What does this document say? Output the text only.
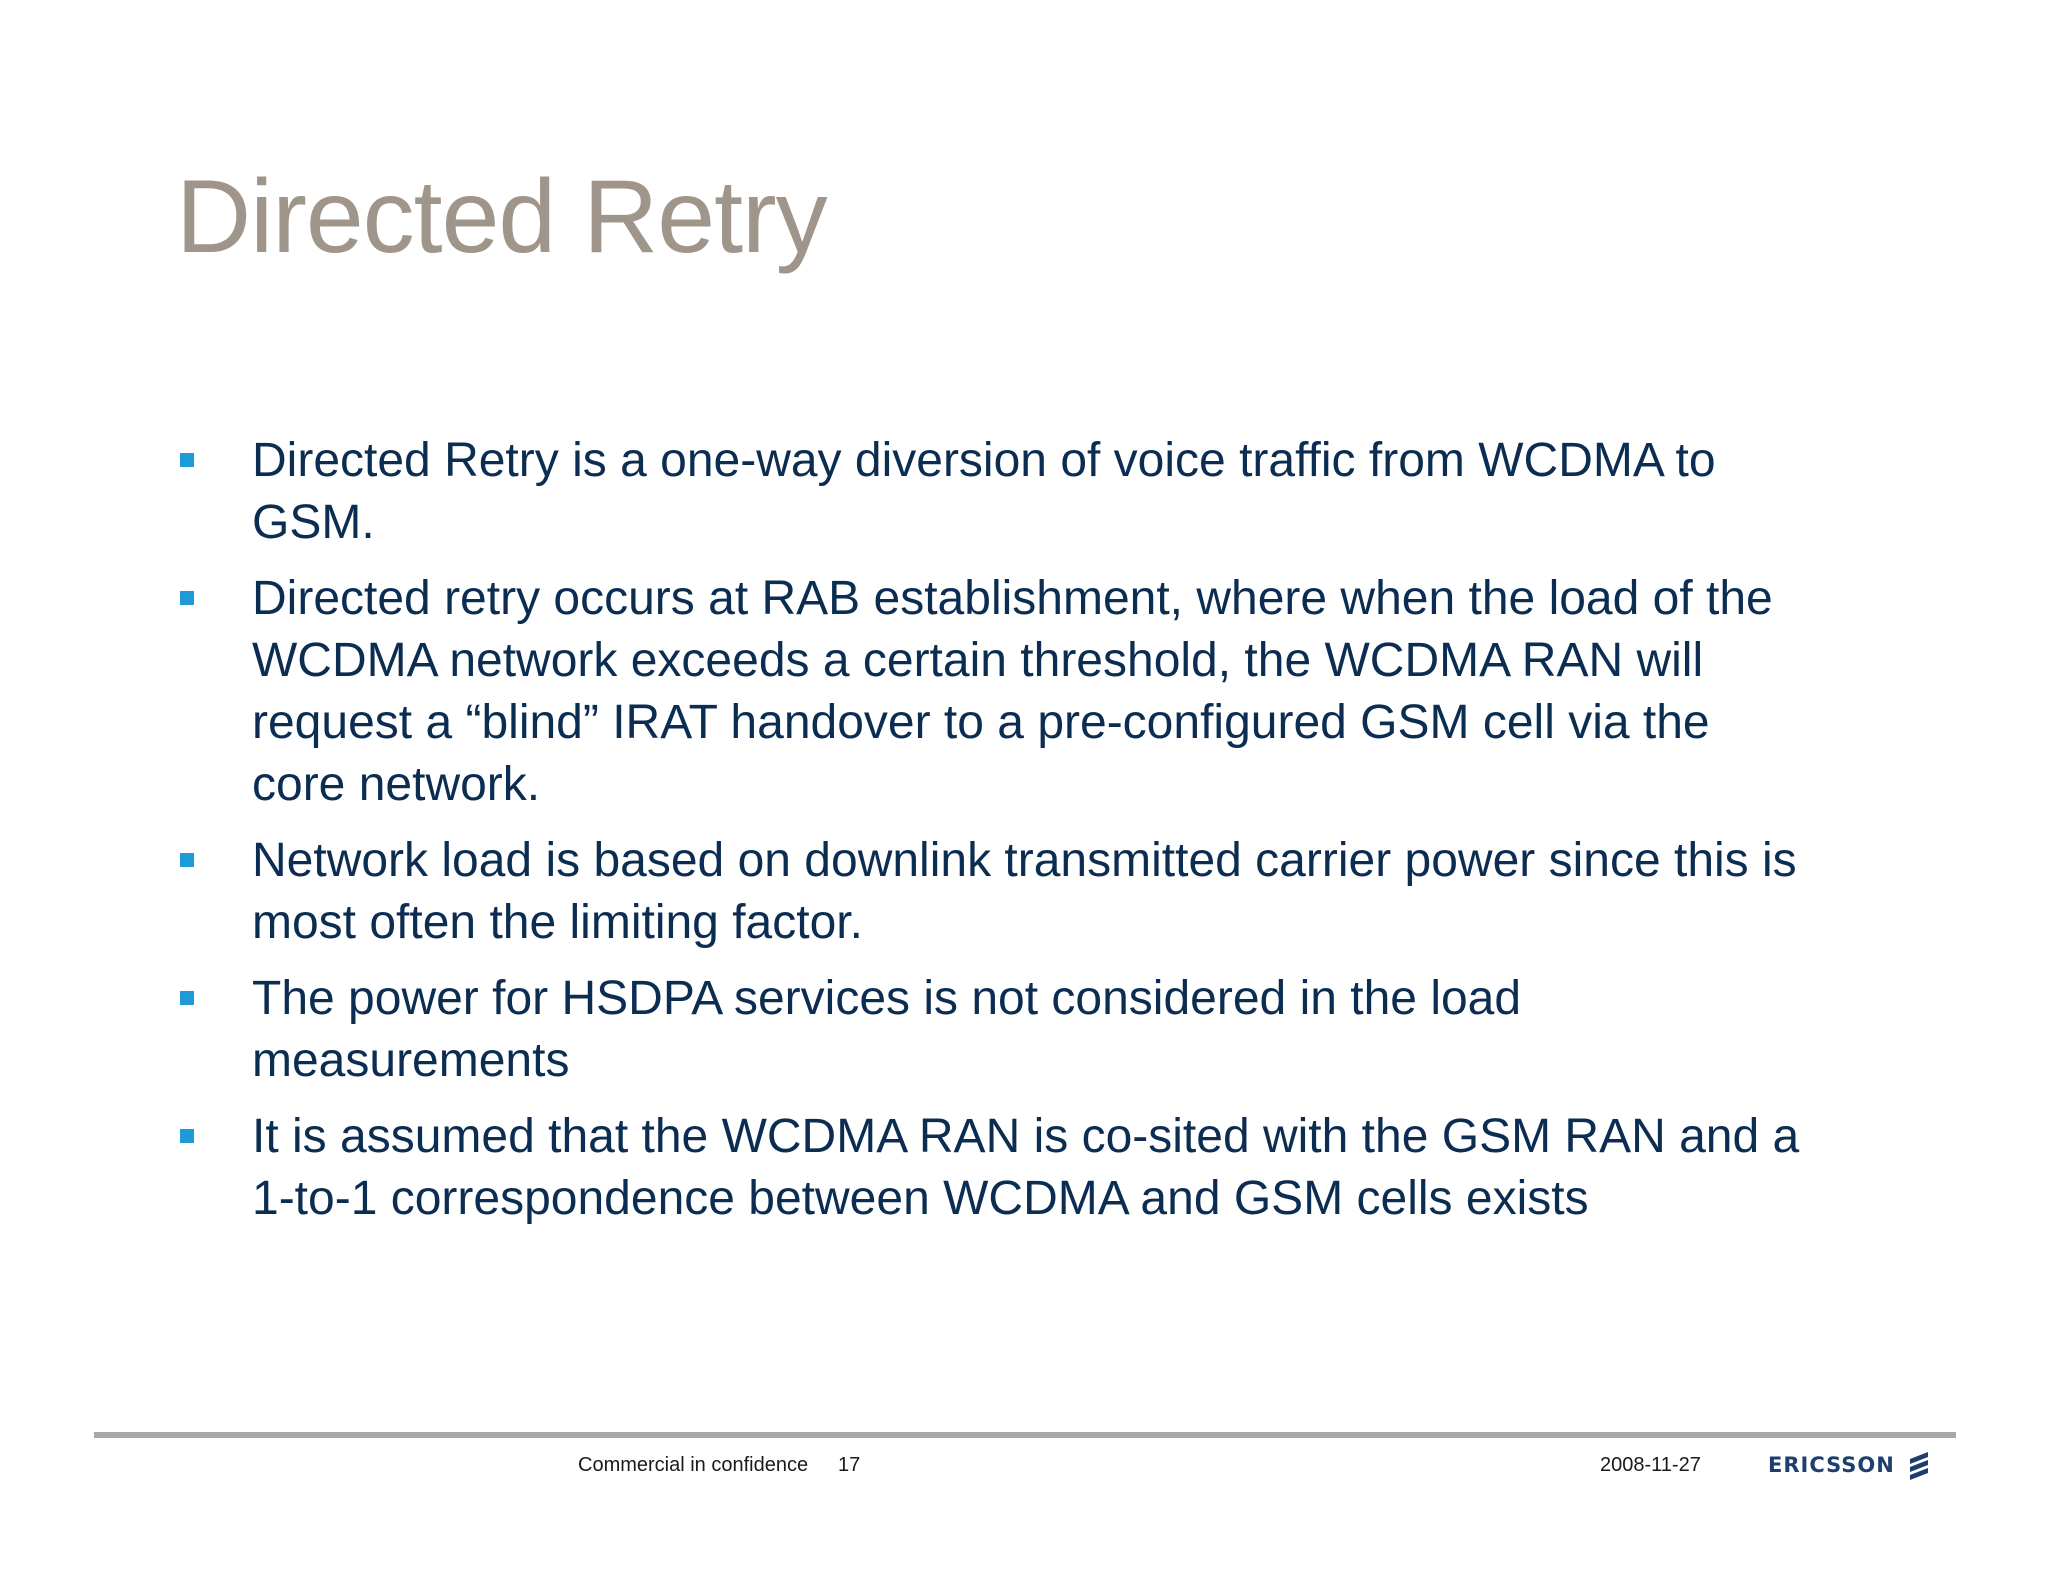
Directed Retry
Directed Retry is a one-way diversion of voice traffic from WCDMA to GSM.
Directed retry occurs at RAB establishment, where when the load of the WCDMA network exceeds a certain threshold, the WCDMA RAN will request a “blind” IRAT handover to a pre-configured GSM cell via the core network.
Network load is based on downlink transmitted carrier power since this is most often the limiting factor.
The power for HSDPA services is not considered in the load measurements
It is assumed that the WCDMA RAN is co-sited with the GSM RAN and a 1-to-1 correspondence between WCDMA and GSM cells exists
Commercial in confidence 17	2008-11-27	ERICSSON
